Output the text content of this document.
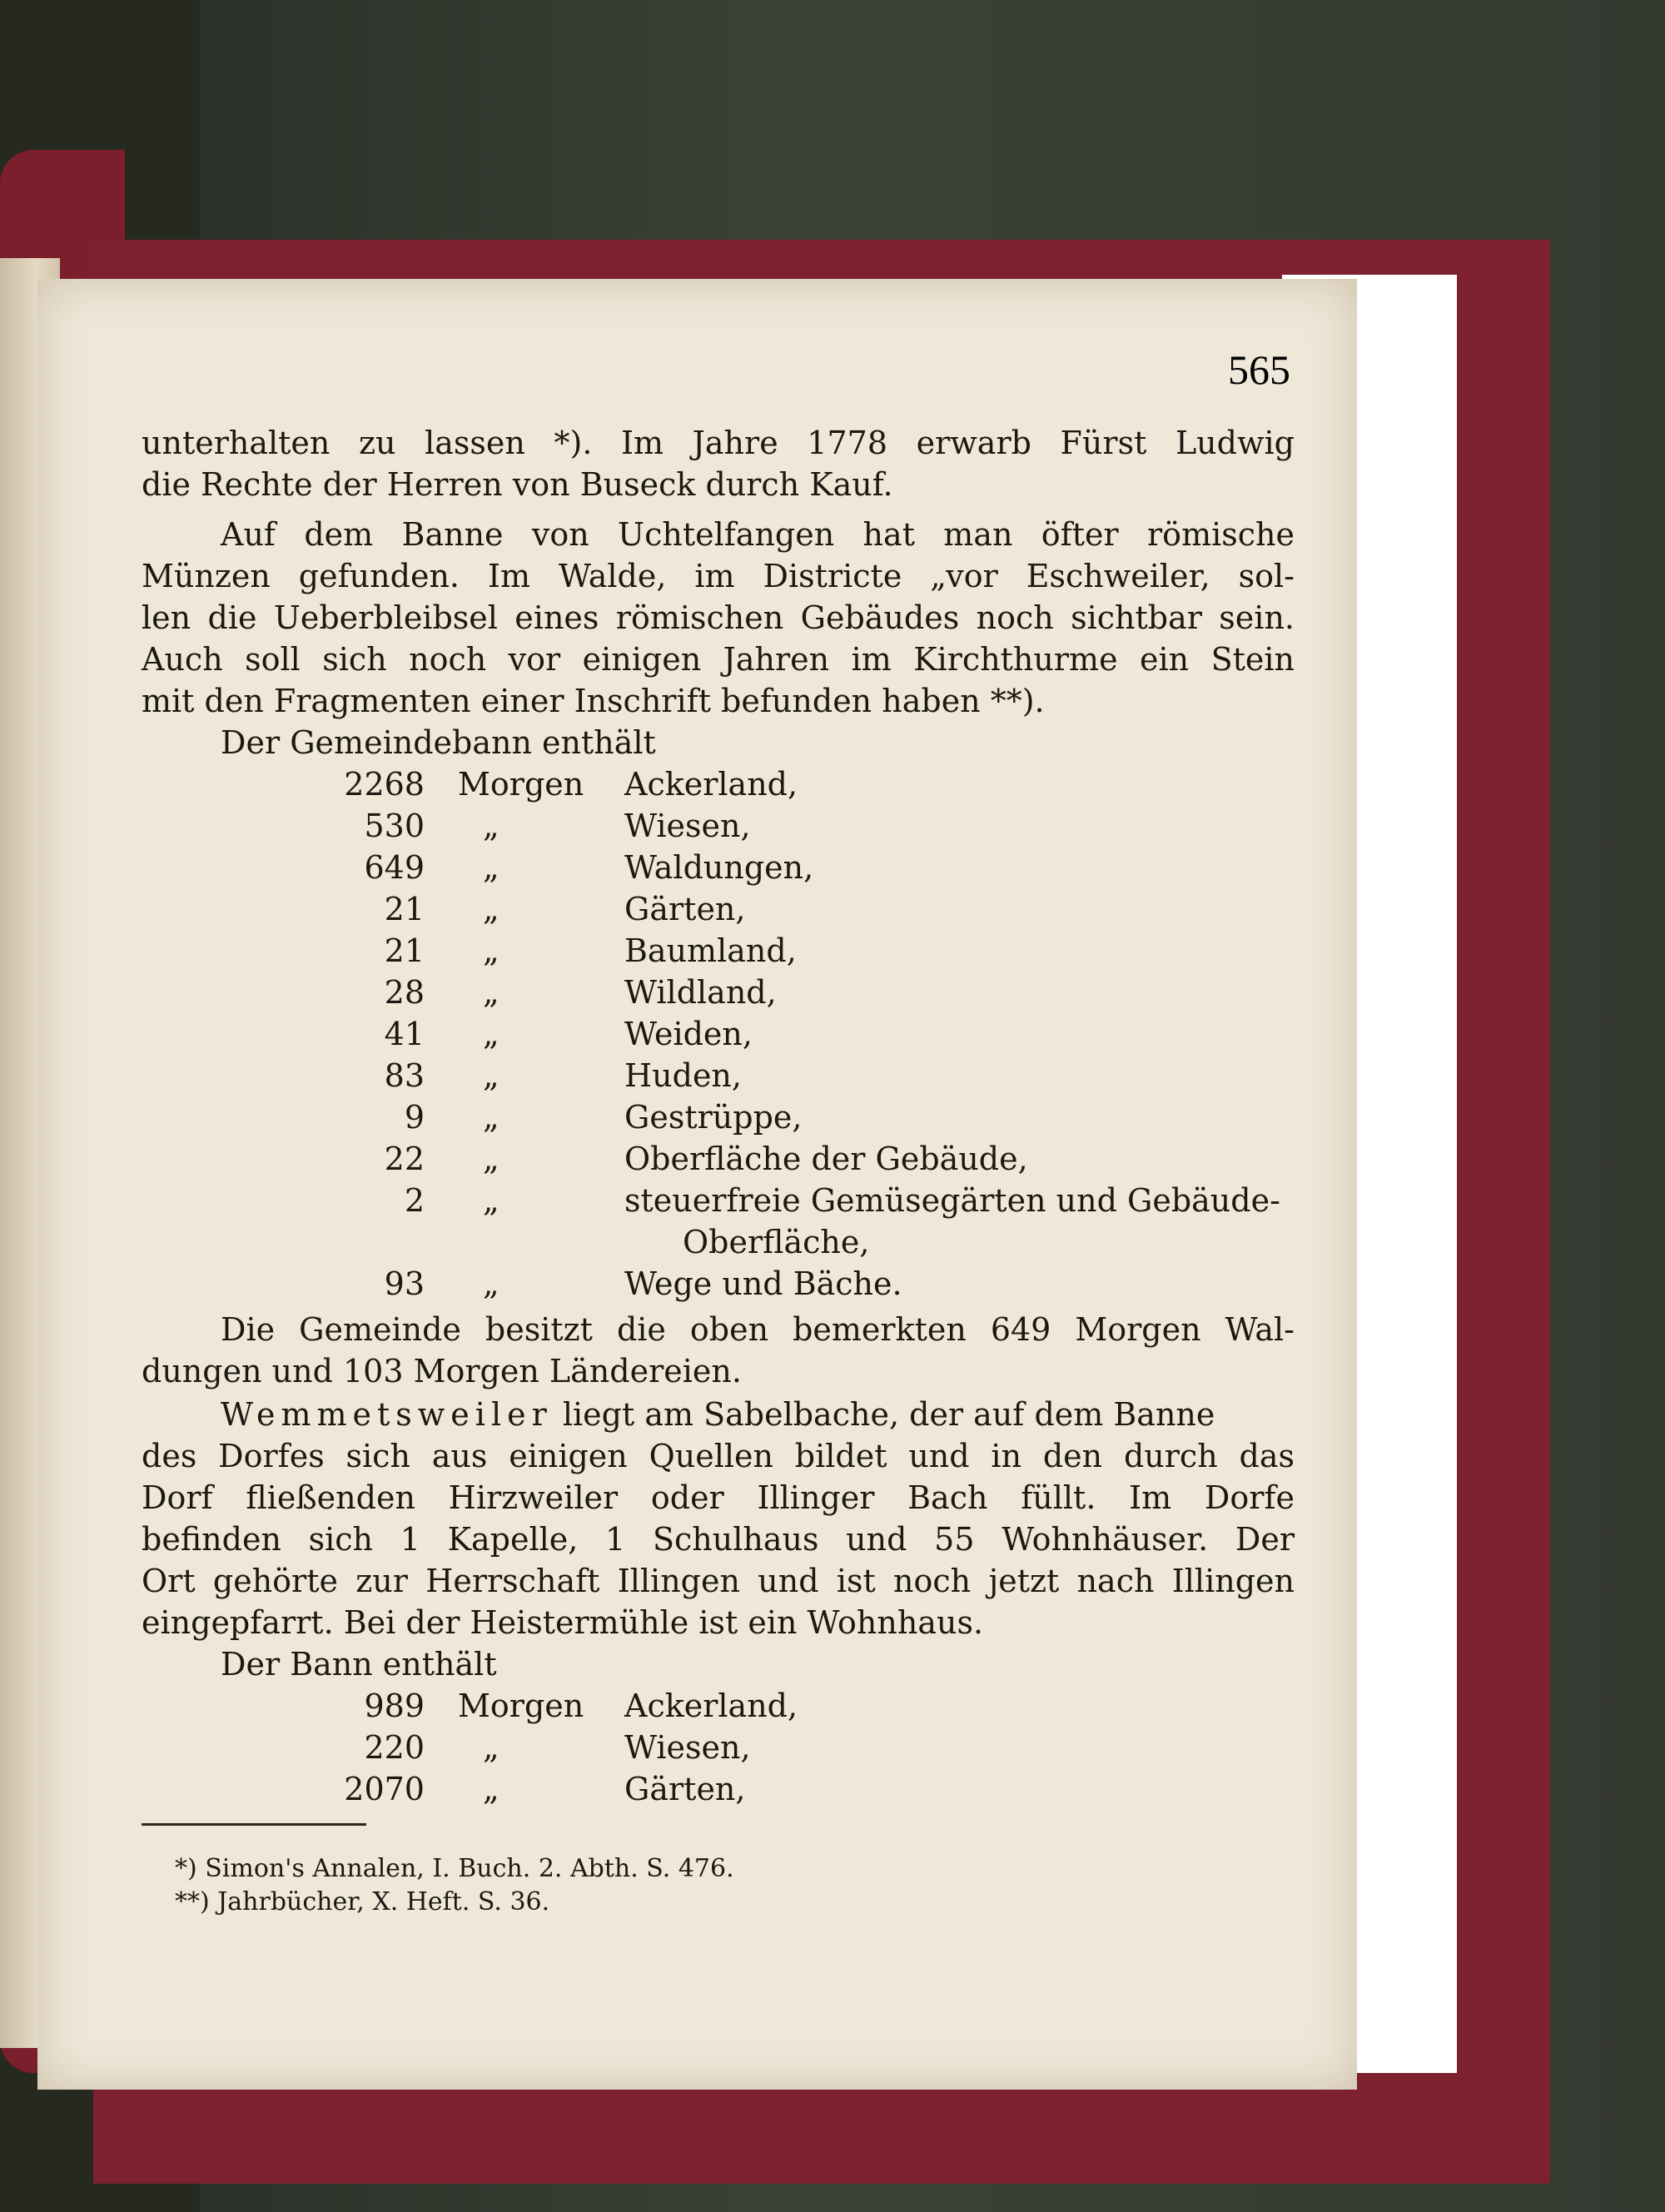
565
unterhalten zu lassen *). Im Jahre 1778 erwarb Fürst Ludwig
die Rechte der Herren von Buseck durch Kauf.
Auf dem Banne von Uchtelfangen hat man öfter römische
Münzen gefunden. Im Walde, im Districte „vor Eschweiler, sol-
len die Ueberbleibsel eines römischen Gebäudes noch sichtbar sein.
Auch soll sich noch vor einigen Jahren im Kirchthurme ein Stein
mit den Fragmenten einer Inschrift befunden haben **).
Der Gemeindebann enthält
2268 Morgen	Ackerland,
530 „	Wiesen,
649 „	Waldungen,
21 „	Gärten,
21 „	Baumland,
28 „	Wildland,
41 „	Weiden,
83 „	Huden,
9 „	Gestrüppe,
22 „	Oberfläche der Gebäude,
2 „	steuerfreie Gemüsegärten und Gebäude-
Oberfläche,
93 „	Wege und Bäche.
Die Gemeinde besitzt die oben bemerkten 649 Morgen Wal-
dungen und 103 Morgen Ländereien.
Wemmetsweiler liegt am Sabelbache, der auf dem Banne
des Dorfes sich aus einigen Quellen bildet und in den durch das
Dorf fließenden Hirzweiler oder Illinger Bach füllt. Im Dorfe
befinden sich 1 Kapelle, 1 Schulhaus und 55 Wohnhäuser. Der
Ort gehörte zur Herrschaft Illingen und ist noch jetzt nach Illingen
eingepfarrt. Bei der Heistermühle ist ein Wohnhaus.
Der Bann enthält
989 Morgen	Ackerland,
220 „	Wiesen,
2070 „	Gärten,
*) Simon's Annalen, I. Buch. 2. Abth. S. 476.
**) Jahrbücher, X. Heft. S. 36.
